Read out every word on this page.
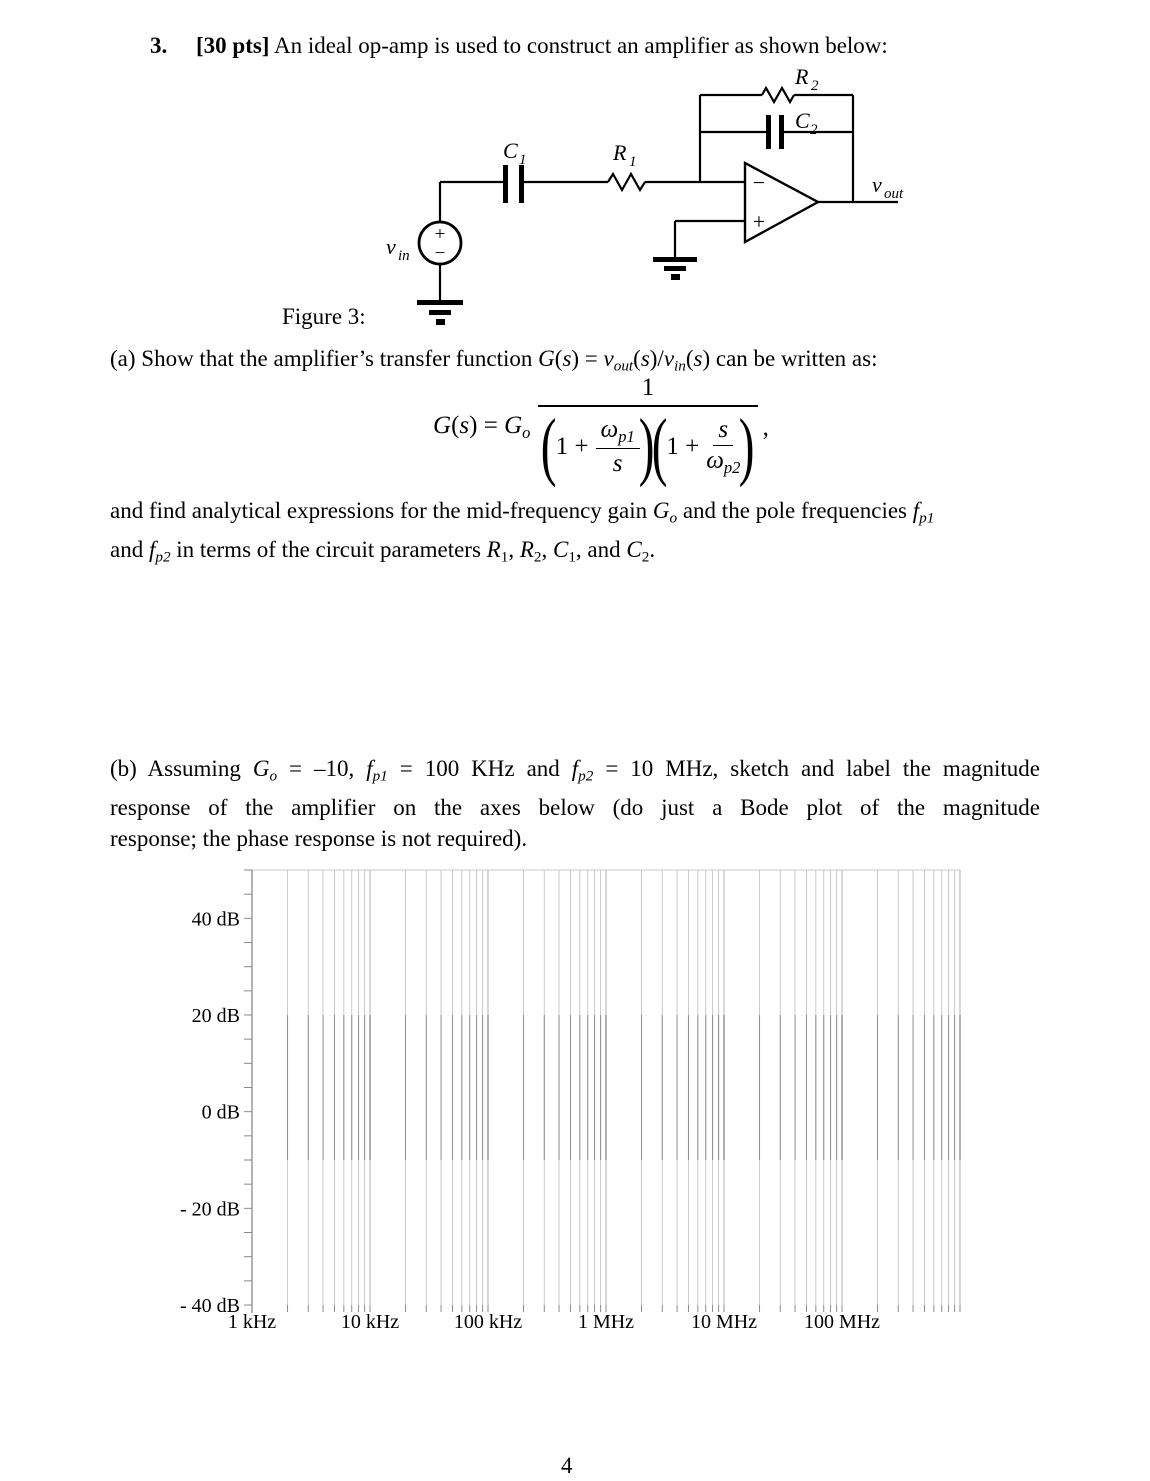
3. [30 pts] An ideal op-amp is used to construct an amplifier as shown below:
+
−
v in
C 1	R 1
R 2
C 2
−
+
v out
Figure 3:
(a) Show that the amplifier’s transfer function $G(s) = v_{out}(s)/v_{in}(s)$ can be written as:
$G(s) = G_o$
1
(
$1 + \frac{\omega_{p1}}{s}$
)
(
$1 + \frac{s}{\omega_{p2}}$
) ,
and find analytical expressions for the mid-frequency gain $G_o$ and the pole frequencies $f_{p1}$
and $f_{p2}$ in terms of the circuit parameters $R_1$, $R_2$, $C_1$, and $C_2$.
(b) Assuming $G_o = -10$, $f_{p1} = 100$ KHz and $f_{p2} = 10$ MHz, sketch and label the magnitude
response of the amplifier on the axes below (do just a Bode plot of the magnitude
response; the phase response is not required).
40 dB
20 dB
0 dB
- 20 dB
- 40 dB
1 kHz	10 kHz	100 kHz	1 MHz	10 MHz 100 MHz
4
